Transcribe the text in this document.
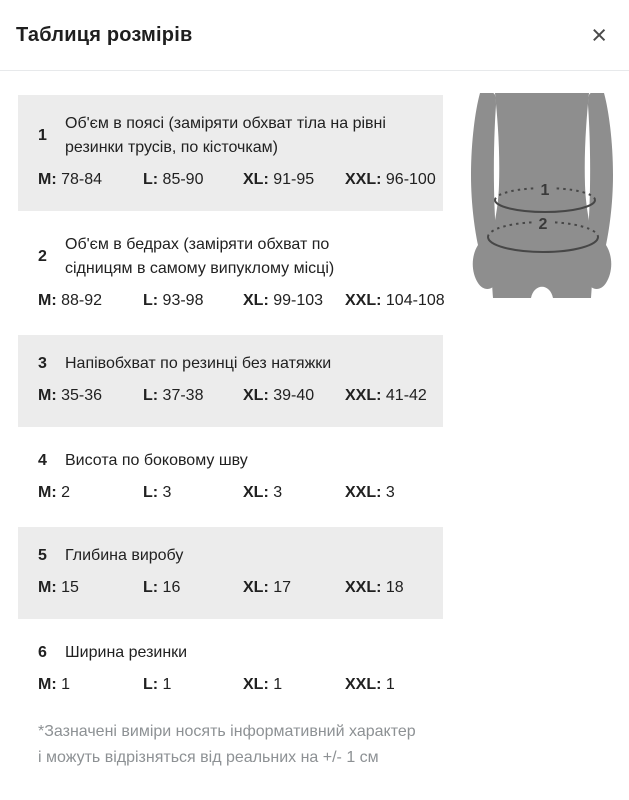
Таблиця розмірів	×
1
Об'єм в поясі (заміряти обхват тіла на рівні
резинки трусів, по кісточкам)
M: 78-84	L: 85-90	XL: 91-95	XXL: 96-100
2
Об'єм в бедрах (заміряти обхват по
сідницям в самому випуклому місці)
M: 88-92	L: 93-98	XL: 99-103	XXL: 104-108
3	Напівобхват по резинці без натяжки
M: 35-36	L: 37-38	XL: 39-40	XXL: 41-42
4	Висота по боковому шву
M: 2	L: 3	XL: 3	XXL: 3
5	Глибина виробу
M: 15	L: 16	XL: 17	XXL: 18
6	Ширина резинки
M: 1	L: 1	XL: 1	XXL: 1

*Зазначені виміри носять інформативний характер
і можуть відрізняться від реальних на +/- 1 см

1
2
